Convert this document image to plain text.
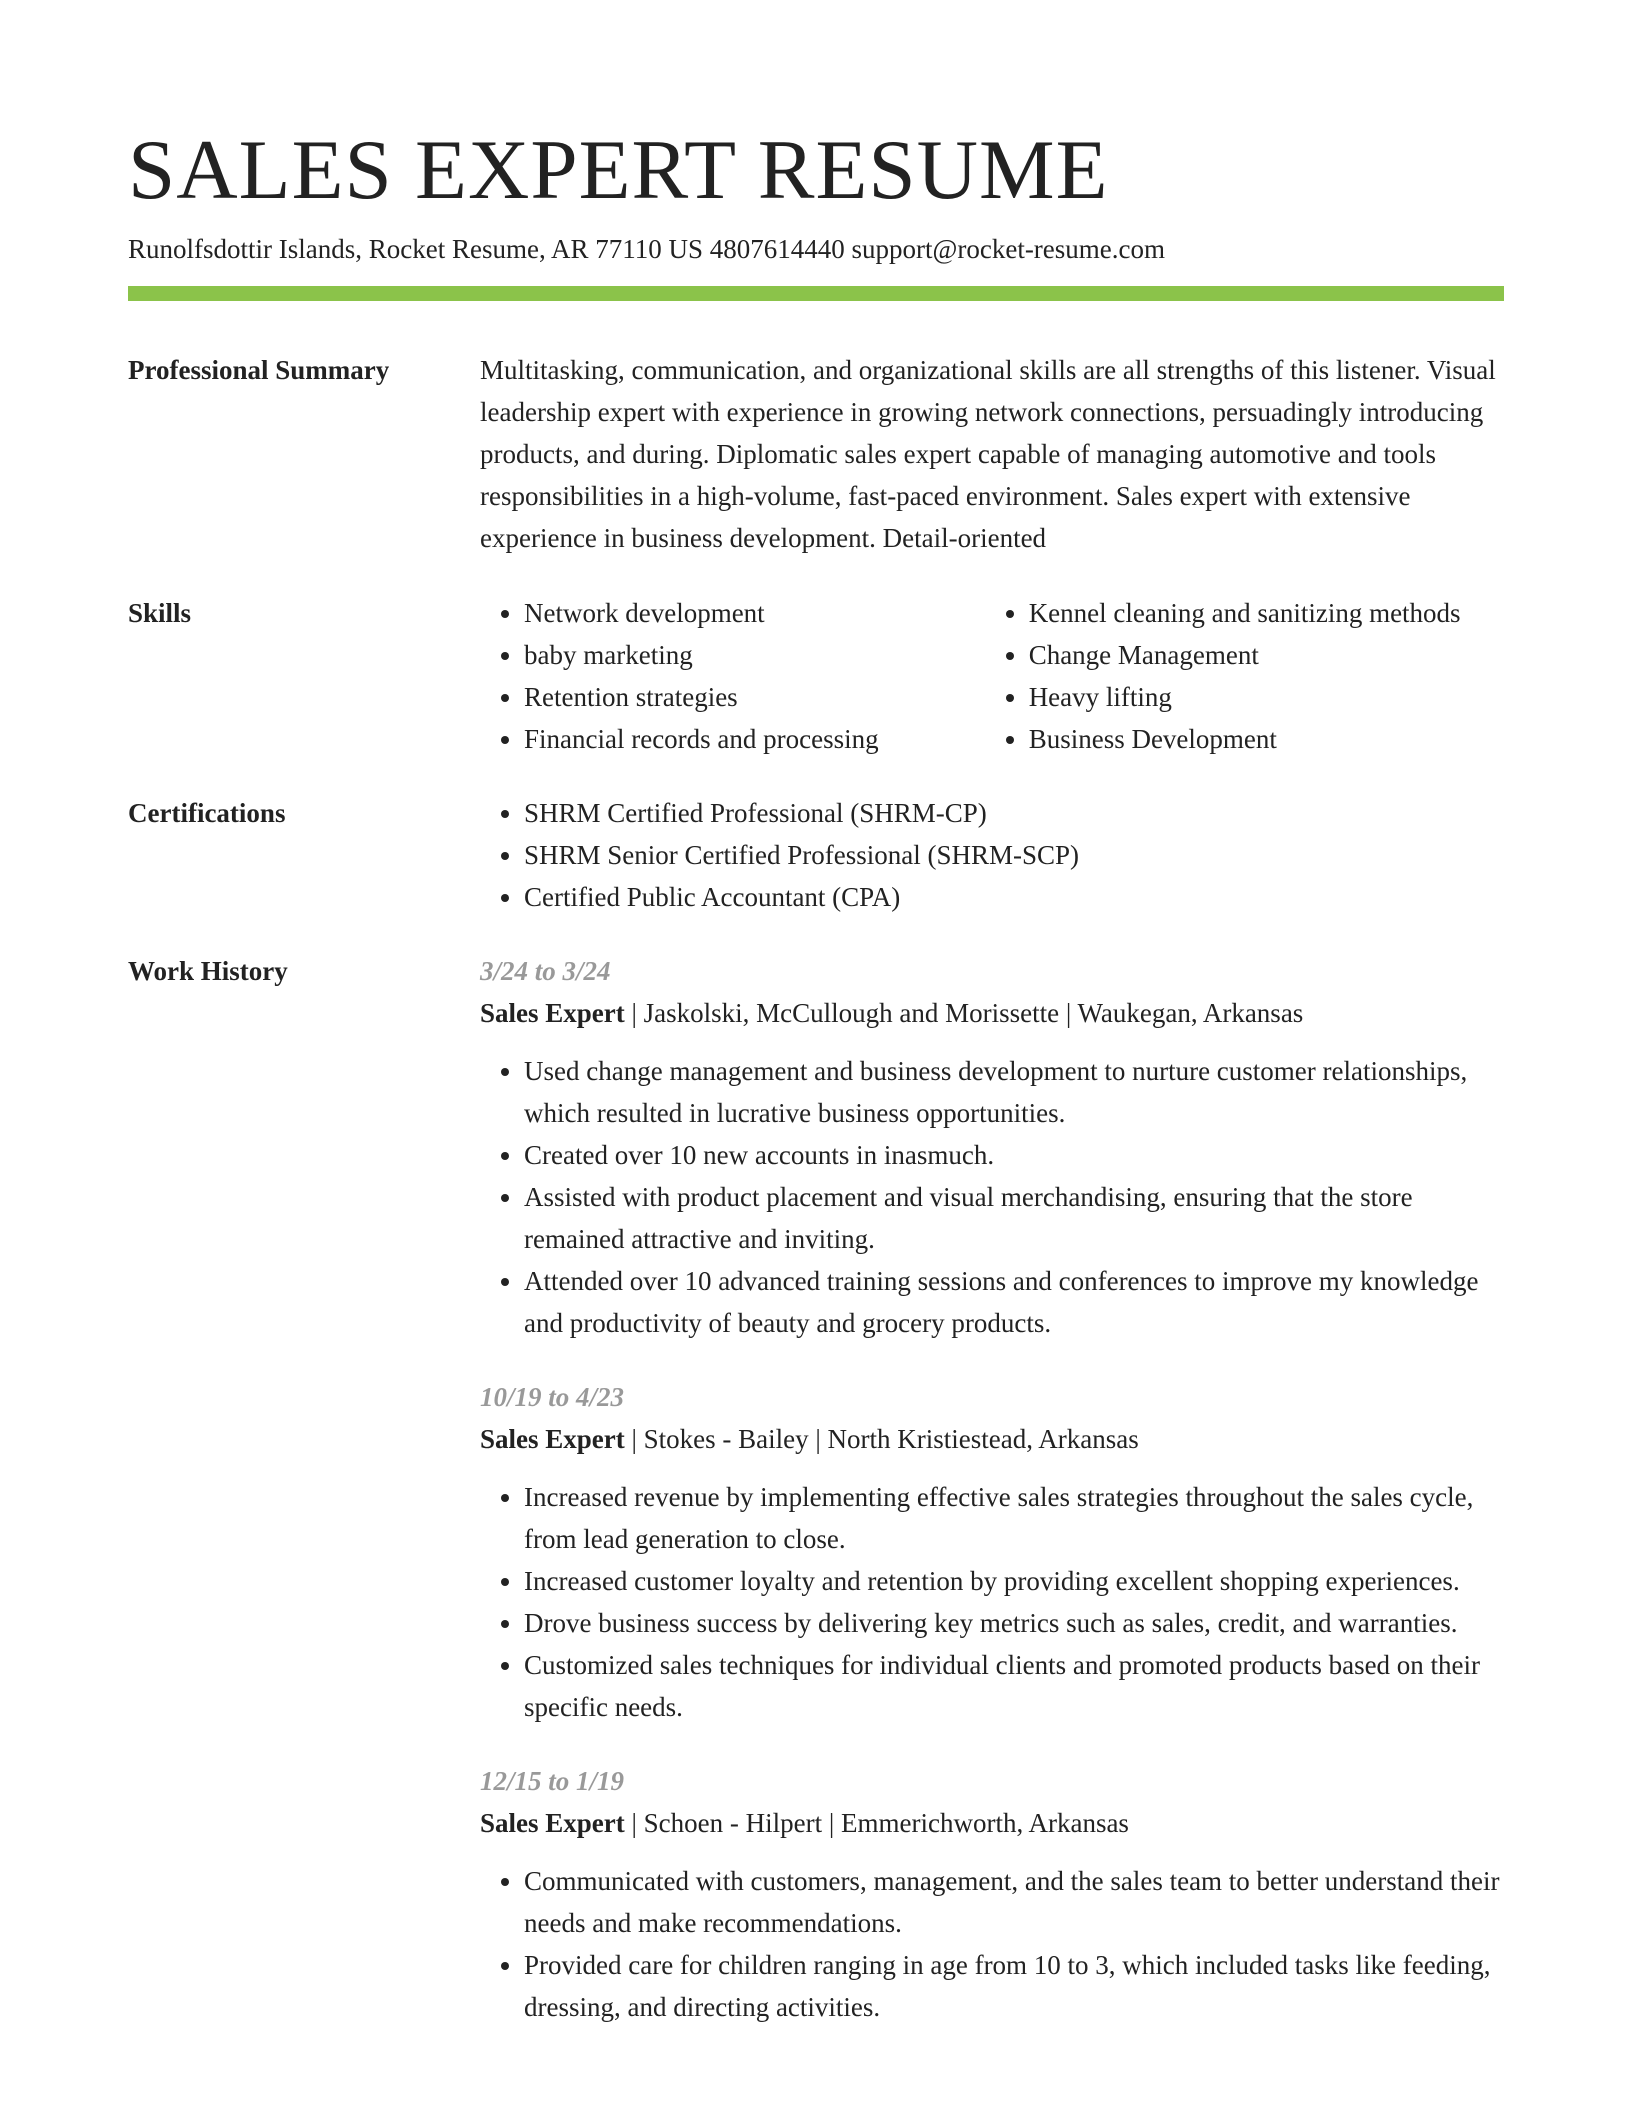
SALES EXPERT RESUME
Runolfsdottir Islands, Rocket Resume, AR 77110 US 4807614440 support@rocket-resume.com
Professional Summary	Multitasking, communication, and organizational skills are all strengths of this listener. Visual leadership expert with experience in growing network connections, persuadingly introducing products, and during. Diplomatic sales expert capable of managing automotive and tools responsibilities in a high-volume, fast-paced environment. Sales expert with extensive experience in business development. Detail-oriented

Skills	• Network development
• baby marketing
• Retention strategies
• Financial records and processing
• Kennel cleaning and sanitizing methods
• Change Management
• Heavy lifting
• Business Development
Certifications	• SHRM Certified Professional (SHRM-CP)
• SHRM Senior Certified Professional (SHRM-SCP)
• Certified Public Accountant (CPA)
Work History	3/24 to 3/24
Sales Expert | Jaskolski, McCullough and Morissette | Waukegan, Arkansas
• Used change management and business development to nurture customer relationships, which resulted in lucrative business opportunities.
• Created over 10 new accounts in inasmuch.
• Assisted with product placement and visual merchandising, ensuring that the store remained attractive and inviting.
• Attended over 10 advanced training sessions and conferences to improve my knowledge and productivity of beauty and grocery products.
10/19 to 4/23
Sales Expert | Stokes - Bailey | North Kristiestead, Arkansas
• Increased revenue by implementing effective sales strategies throughout the sales cycle, from lead generation to close.
• Increased customer loyalty and retention by providing excellent shopping experiences.
• Drove business success by delivering key metrics such as sales, credit, and warranties.
• Customized sales techniques for individual clients and promoted products based on their specific needs.
12/15 to 1/19
Sales Expert | Schoen - Hilpert | Emmerichworth, Arkansas
• Communicated with customers, management, and the sales team to better understand their needs and make recommendations.
• Provided care for children ranging in age from 10 to 3, which included tasks like feeding, dressing, and directing activities.
